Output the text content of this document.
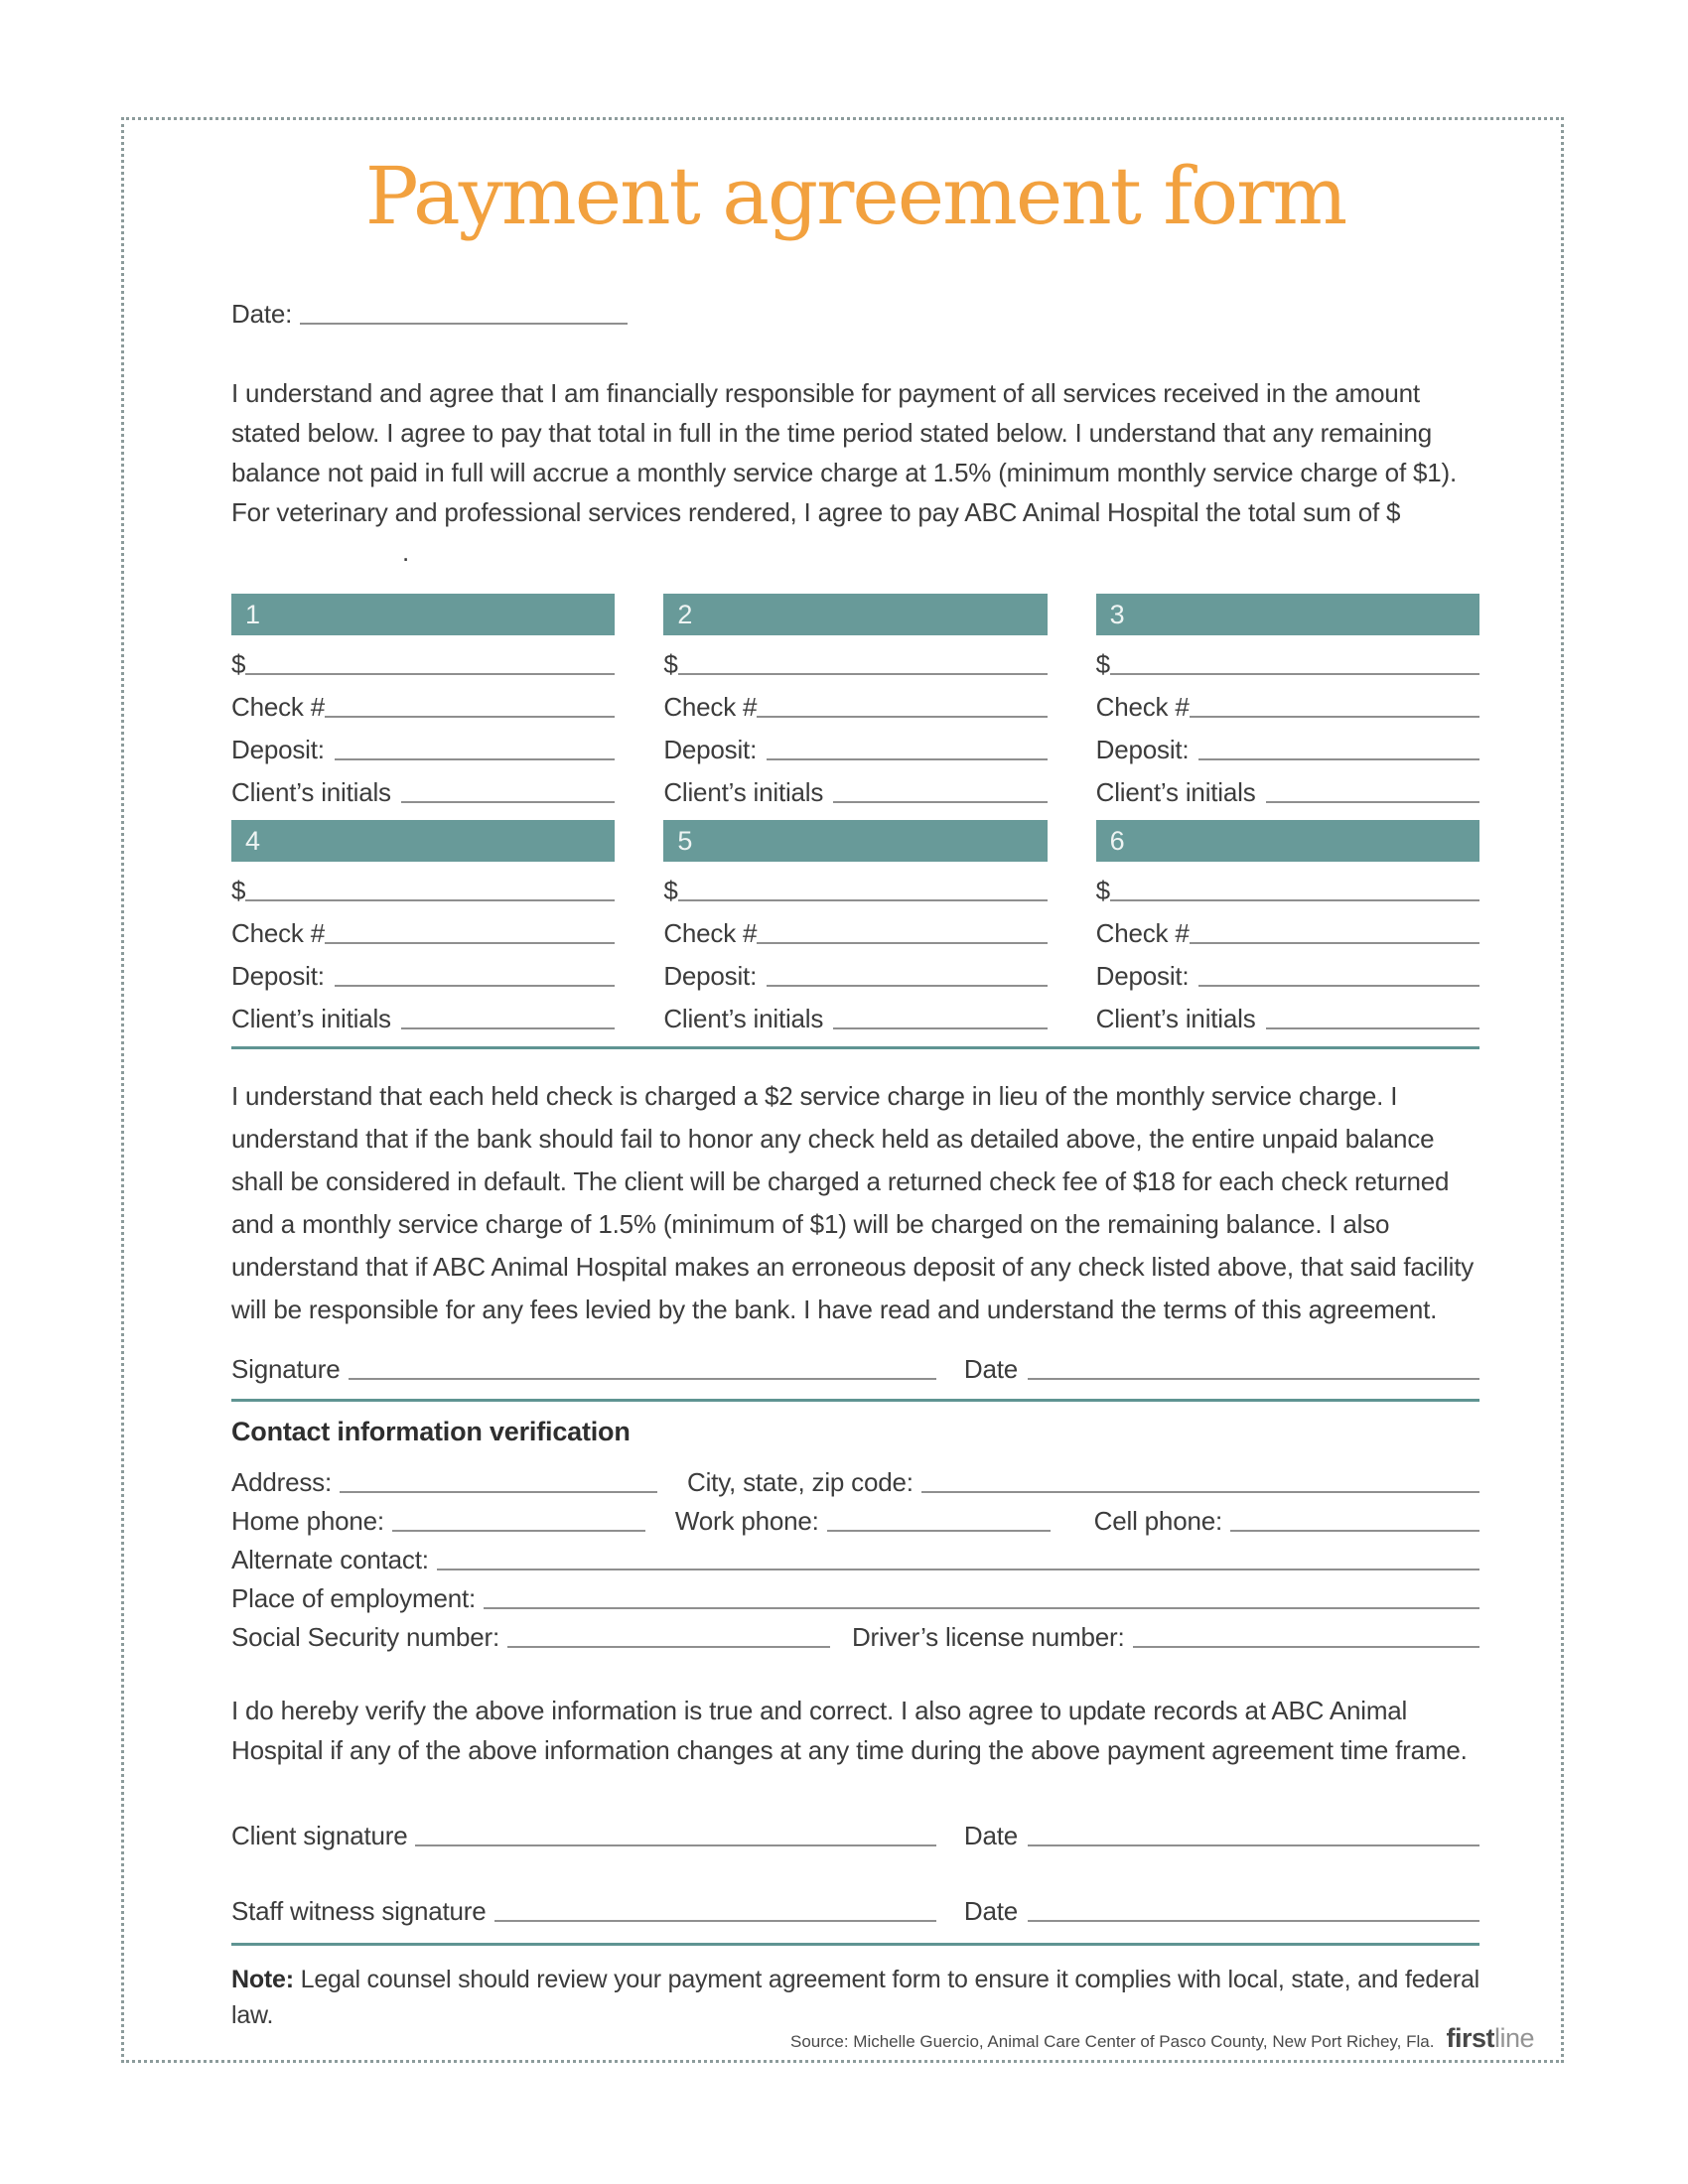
Payment agreement form
Date:

I understand and agree that I am financially responsible for payment of all services received in the amount stated below. I agree to pay that total in full in the time period stated below. I understand that any remaining balance not paid in full will accrue a monthly service charge at 1.5% (minimum monthly service charge of $1). For veterinary and professional services rendered, I agree to pay ABC Animal Hospital the total sum of $.

1
$
Check #
Deposit:
Client’s initials
2
$
Check #
Deposit:
Client’s initials
3
$
Check #
Deposit:
Client’s initials
4
$
Check #
Deposit:
Client’s initials
5
$
Check #
Deposit:
Client’s initials
6
$
Check #
Deposit:
Client’s initials

I understand that each held check is charged a $2 service charge in lieu of the monthly service charge. I understand that if the bank should fail to honor any check held as detailed above, the entire unpaid balance shall be considered in default. The client will be charged a returned check fee of $18 for each check returned and a monthly service charge of 1.5% (minimum of $1) will be charged on the remaining balance. I also understand that if ABC Animal Hospital makes an erroneous deposit of any check listed above, that said facility will be responsible for any fees levied by the bank. I have read and understand the terms of this agreement.

Signature	Date
Contact information verification
Address:	City, state, zip code:
Home phone:	Work phone:	Cell phone:
Alternate contact:
Place of employment:
Social Security number:	Driver’s license number:

I do hereby verify the above information is true and correct. I also agree to update records at ABC Animal Hospital if any of the above information changes at any time during the above payment agreement time frame.

Client signature	Date
Staff witness signature	Date

Note: Legal counsel should review your payment agreement form to ensure it complies with local, state, and federal law.

Source: Michelle Guercio, Animal Care Center of Pasco County, New Port Richey, Fla. firstline
